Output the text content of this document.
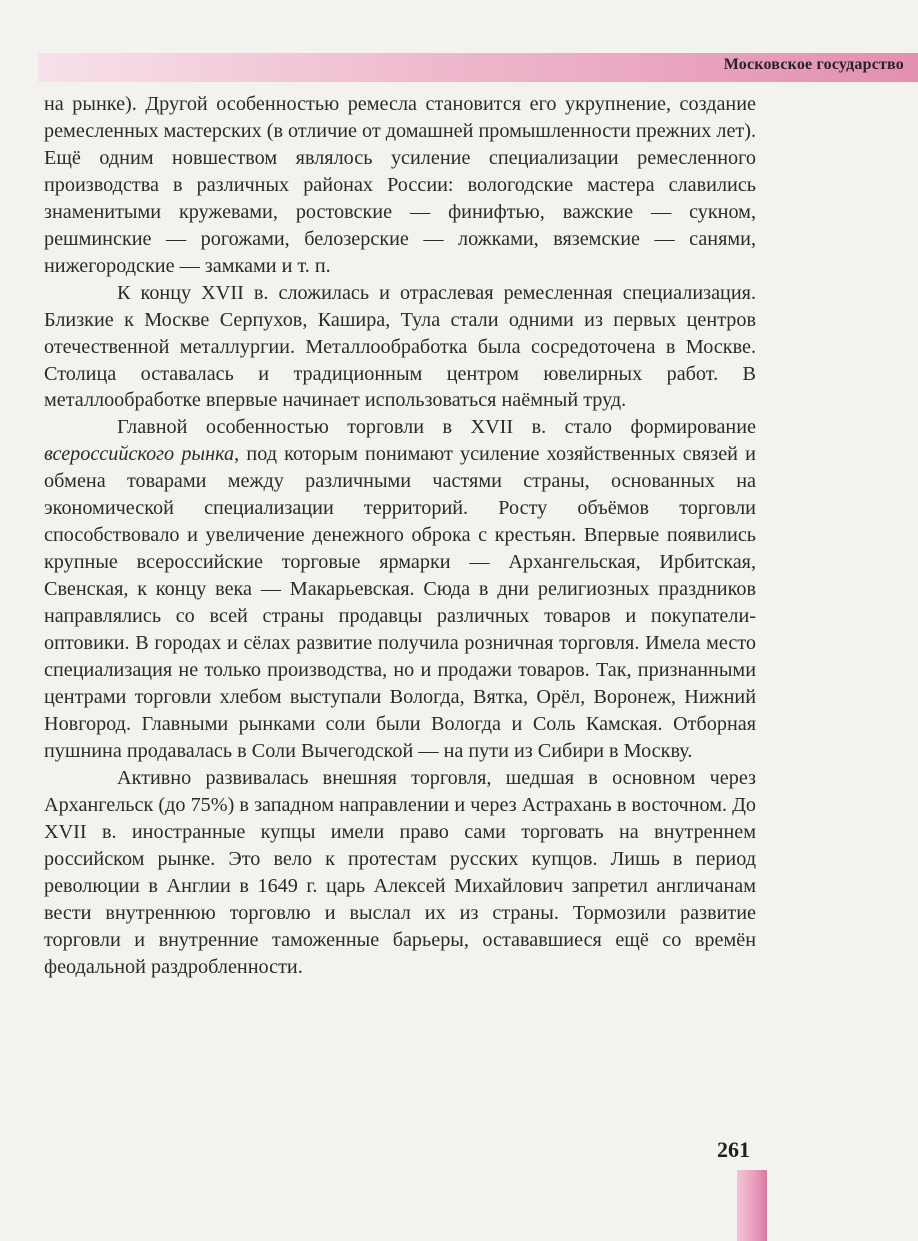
Московское государство

на рынке). Другой особенностью ремесла становится его укрупнение, создание ремесленных мастерских (в отличие от домашней промышленности прежних лет). Ещё одним новшеством являлось усиление специализации ремесленного производства в различных районах России: вологодские мастера славились знаменитыми кружевами, ростовские — финифтью, важские — сукном, решминские — рогожами, белозерские — ложками, вяземские — санями, нижегородские — замками и т. п.

К концу XVII в. сложилась и отраслевая ремесленная специализация. Близкие к Москве Серпухов, Кашира, Тула стали одними из первых центров отечественной металлургии. Металлообработка была сосредоточена в Москве. Столица оставалась и традиционным центром ювелирных работ. В металлообработке впервые начинает использоваться наёмный труд.

Главной особенностью торговли в XVII в. стало формирование всероссийского рынка, под которым понимают усиление хозяйственных связей и обмена товарами между различными частями страны, основанных на экономической специализации территорий. Росту объёмов торговли способствовало и увеличение денежного оброка с крестьян. Впервые появились крупные всероссийские торговые ярмарки — Архангельская, Ирбитская, Свенская, к концу века — Макарьевская. Сюда в дни религиозных праздников направлялись со всей страны продавцы различных товаров и покупатели-оптовики. В городах и сёлах развитие получила розничная торговля. Имела место специализация не только производства, но и продажи товаров. Так, признанными центрами торговли хлебом выступали Вологда, Вятка, Орёл, Воронеж, Нижний Новгород. Главными рынками соли были Вологда и Соль Камская. Отборная пушнина продавалась в Соли Вычегодской — на пути из Сибири в Москву.

Активно развивалась внешняя торговля, шедшая в основном через Архангельск (до 75%) в западном направлении и через Астрахань в восточном. До XVII в. иностранные купцы имели право сами торговать на внутреннем российском рынке. Это вело к протестам русских купцов. Лишь в период революции в Англии в 1649 г. царь Алексей Михайлович запретил англичанам вести внутреннюю торговлю и выслал их из страны. Тормозили развитие торговли и внутренние таможенные барьеры, остававшиеся ещё со времён феодальной раздробленности.

261
